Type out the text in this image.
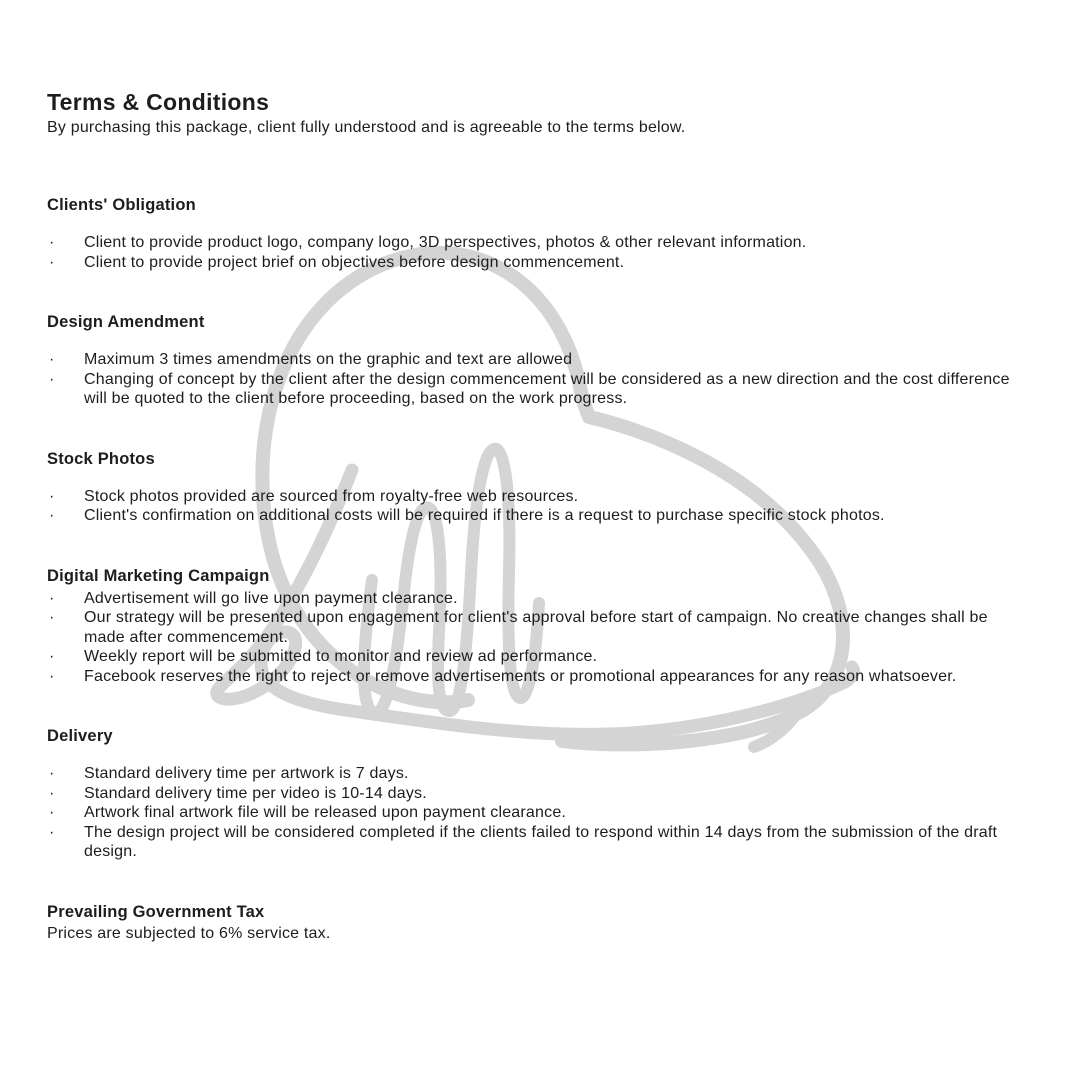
Terms & Conditions

By purchasing this package, client fully understood and is agreeable to the terms below.

Clients' Obligation
·	Client to provide product logo, company logo, 3D perspectives, photos & other relevant information.
·	Client to provide project brief on objectives before design commencement.
Design Amendment
·	Maximum 3 times amendments on the graphic and text are allowed
·	Changing of concept by the client after the design commencement will be considered as a new direction and the cost difference will be quoted to the client before proceeding, based on the work progress.
Stock Photos
·	Stock photos provided are sourced from royalty-free web resources.
·	Client's confirmation on additional costs will be required if there is a request to purchase specific stock photos.
Digital Marketing Campaign
·	Advertisement will go live upon payment clearance.
·	Our strategy will be presented upon engagement for client's approval before start of campaign. No creative changes shall be made after commencement.
·	Weekly report will be submitted to monitor and review ad performance.
·	Facebook reserves the right to reject or remove advertisements or promotional appearances for any reason whatsoever.
Delivery
·	Standard delivery time per artwork is 7 days.
·	Standard delivery time per video is 10-14 days.
·	Artwork final artwork file will be released upon payment clearance.
·	The design project will be considered completed if the clients failed to respond within 14 days from the submission of the draft design.
Prevailing Government Tax

Prices are subjected to 6% service tax.
